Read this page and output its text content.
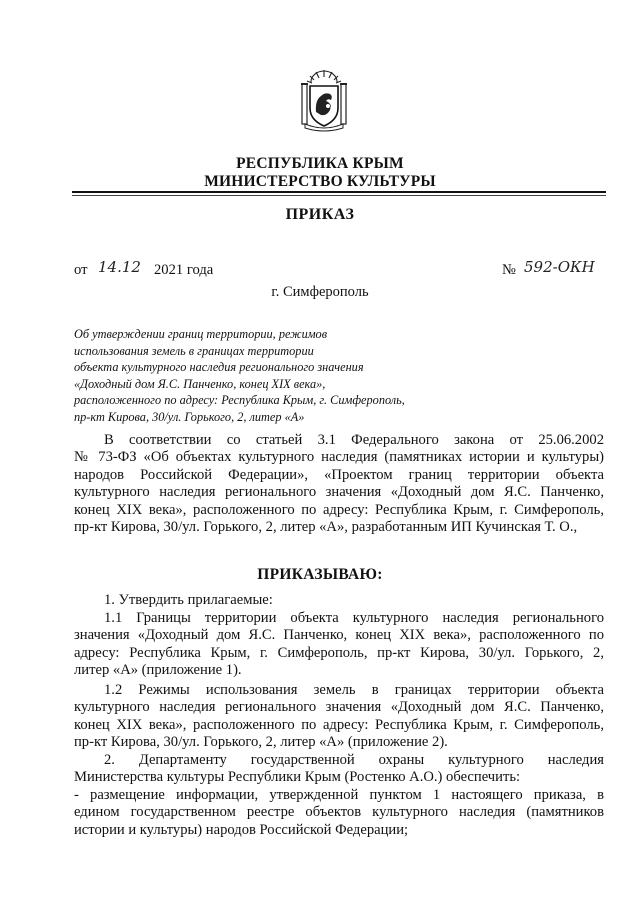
РЕСПУБЛИКА КРЫМ
МИНИСТЕРСТВО КУЛЬТУРЫ
ПРИКАЗ
от 14.12 2021 года	№ 592-ОКН
г. Симферополь
Об утверждении границ территории, режимов
использования земель в границах территории
объекта культурного наследия регионального значения
«Доходный дом Я.С. Панченко, конец XIX века»,
расположенного по адресу: Республика Крым, г. Симферополь,
пр-кт Кирова, 30/ул. Горького, 2, литер «А»
В соответствии со статьей 3.1 Федерального закона от 25.06.2002
№ 73-ФЗ «Об объектах культурного наследия (памятниках истории и культуры)
народов Российской Федерации», «Проектом границ территории объекта
культурного наследия регионального значения «Доходный дом Я.С. Панченко,
конец XIX века», расположенного по адресу: Республика Крым, г. Симферополь,
пр-кт Кирова, 30/ул. Горького, 2, литер «А», разработанным ИП Кучинская Т. О.,
ПРИКАЗЫВАЮ:
1. Утвердить прилагаемые:
1.1 Границы территории объекта культурного наследия регионального
значения «Доходный дом Я.С. Панченко, конец XIX века», расположенного по
адресу: Республика Крым, г. Симферополь, пр-кт Кирова, 30/ул. Горького, 2,
литер «А» (приложение 1).
1.2 Режимы использования земель в границах территории объекта
культурного наследия регионального значения «Доходный дом Я.С. Панченко,
конец XIX века», расположенного по адресу: Республика Крым, г. Симферополь,
пр-кт Кирова, 30/ул. Горького, 2, литер «А» (приложение 2).
2. Департаменту государственной охраны культурного наследия
Министерства культуры Республики Крым (Ростенко А.О.) обеспечить:
- размещение информации, утвержденной пунктом 1 настоящего приказа, в
едином государственном реестре объектов культурного наследия (памятников
истории и культуры) народов Российской Федерации;
